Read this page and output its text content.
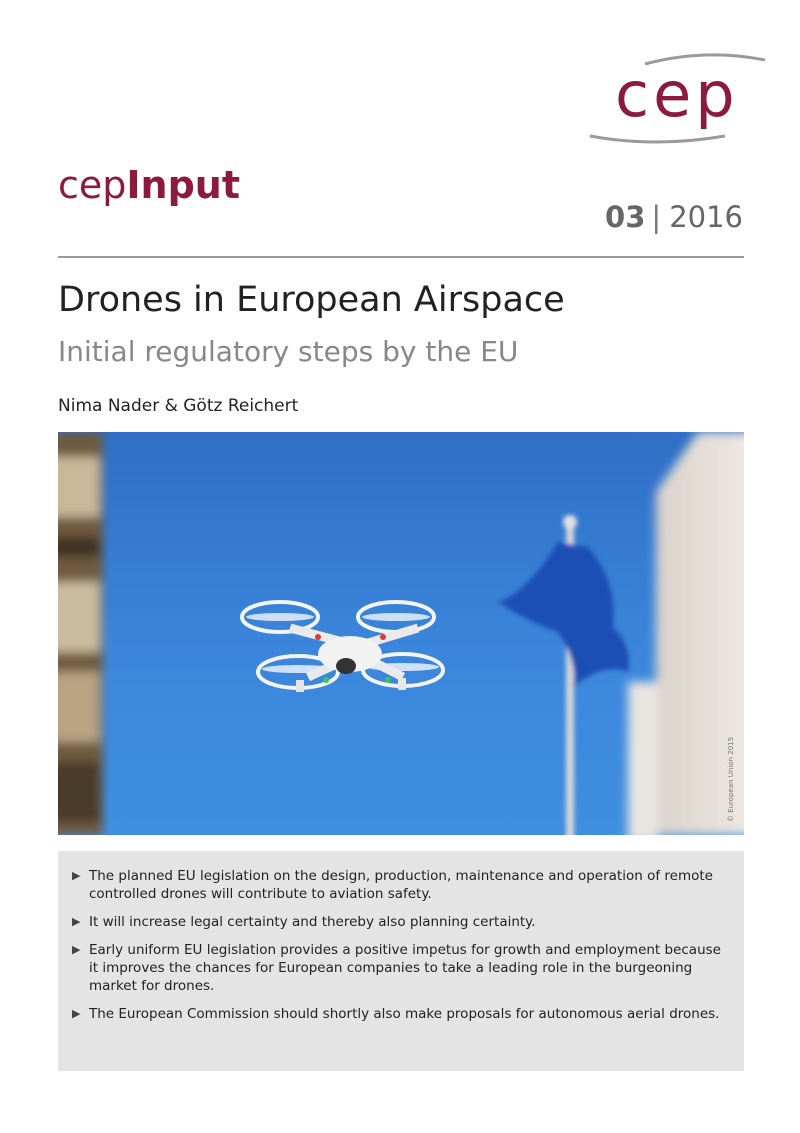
cep
cepInput
03 | 2016
Drones in European Airspace
Initial regulatory steps by the EU
Nima Nader & Götz Reichert
© European Union 2015
▶ The planned EU legislation on the design, production, maintenance and operation of remote controlled drones will contribute to aviation safety.
▶ It will increase legal certainty and thereby also planning certainty.
▶ Early uniform EU legislation provides a positive impetus for growth and employment because it improves the chances for European companies to take a leading role in the burgeoning market for drones.
▶ The European Commission should shortly also make proposals for autonomous aerial drones.
